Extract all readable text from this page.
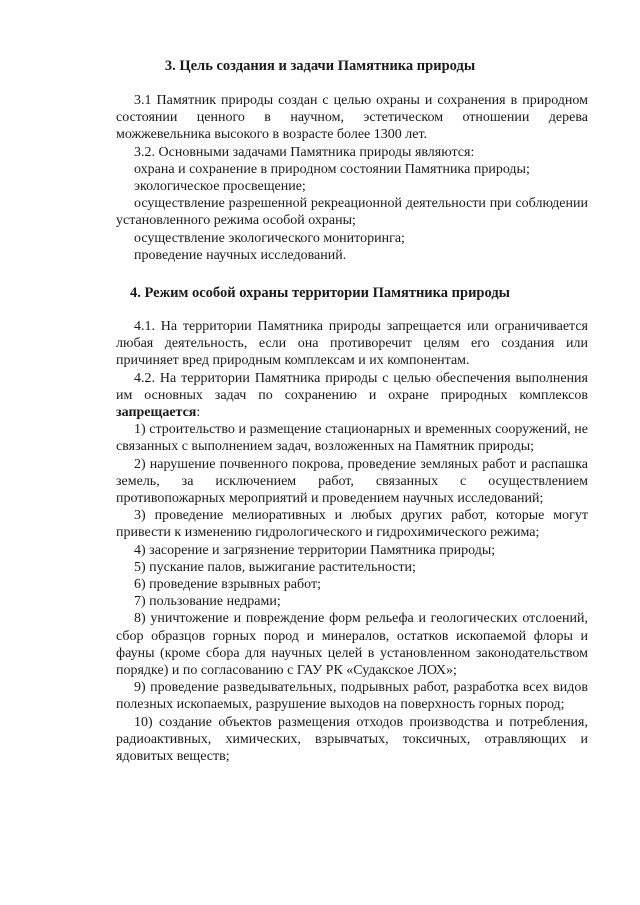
3. Цель создания и задачи Памятника природы

3.1 Памятник природы создан с целью охраны и сохранения в природном состоянии ценного в научном, эстетическом отношении дерева можжевельника высокого в возрасте более 1300 лет.

3.2. Основными задачами Памятника природы являются:

охрана и сохранение в природном состоянии Памятника природы;

экологическое просвещение;

осуществление разрешенной рекреационной деятельности при соблюдении установленного режима особой охраны;

осуществление экологического мониторинга;

проведение научных исследований.

4. Режим особой охраны территории Памятника природы

4.1. На территории Памятника природы запрещается или ограничивается любая деятельность, если она противоречит целям его создания или причиняет вред природным комплексам и их компонентам.

4.2. На территории Памятника природы с целью обеспечения выполнения им основных задач по сохранению и охране природных комплексов запрещается:

1) строительство и размещение стационарных и временных сооружений, не связанных с выполнением задач, возложенных на Памятник природы;

2) нарушение почвенного покрова, проведение земляных работ и распашка земель, за исключением работ, связанных с осуществлением противопожарных мероприятий и проведением научных исследований;

3) проведение мелиоративных и любых других работ, которые могут привести к изменению гидрологического и гидрохимического режима;

4) засорение и загрязнение территории Памятника природы;

5) пускание палов, выжигание растительности;

6) проведение взрывных работ;

7) пользование недрами;

8) уничтожение и повреждение форм рельефа и геологических отслоений, сбор образцов горных пород и минералов, остатков ископаемой флоры и фауны (кроме сбора для научных целей в установленном законодательством порядке) и по согласованию с ГАУ РК «Судакское ЛОХ»;

9) проведение разведывательных, подрывных работ, разработка всех видов полезных ископаемых, разрушение выходов на поверхность горных пород;

10) создание объектов размещения отходов производства и потребления, радиоактивных, химических, взрывчатых, токсичных, отравляющих и ядовитых веществ;
